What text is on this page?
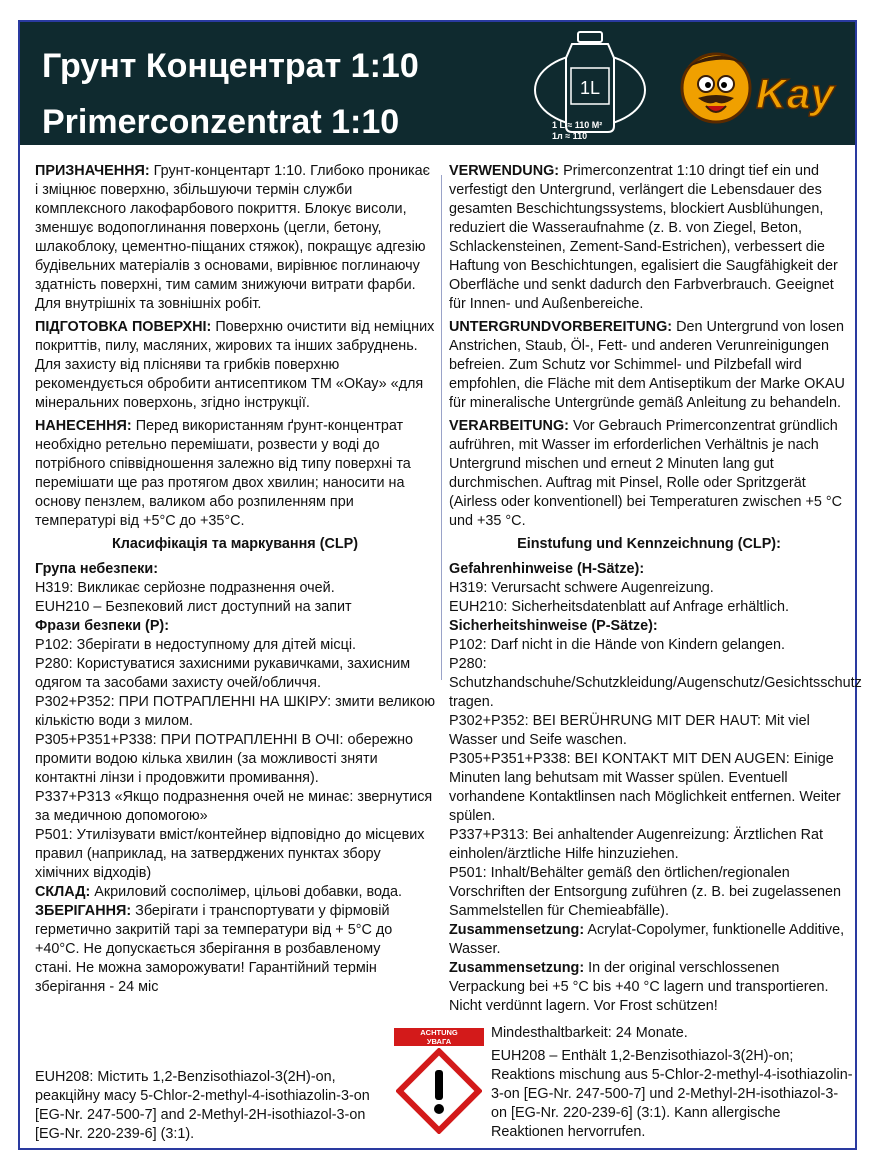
Грунт Концентрат 1:10
Primerconzentrat 1:10
1L
1 L ≈ 110 M²
1л ≈ 110
Kay

ПРИЗНАЧЕННЯ: Грунт-концентарт 1:10. Глибоко проникає і зміцнює поверхню, збільшуючи термін служби комплексного лакофарбового покриття. Блокує висоли, зменшує водопоглинання поверхонь (цегли, бетону, шлакоблоку, цементно-піщаних стяжок), покращує адгезію будівельних матеріалів з основами, вирівнює поглинаючу здатність поверхні, тим самим знижуючи витрати фарби. Для внутрішніх та зовнішніх робіт.

ПІДГОТОВКА ПОВЕРХНІ: Поверхню очистити від неміцних покриттів, пилу, масляних, жирових та інших забруднень. Для захисту від плісняви та грибків поверхню рекомендується обробити антисептиком ТМ «ОКау» «для мінеральних поверхонь, згідно інструкції.

НАНЕСЕННЯ: Перед використанням ґрунт-концентрат необхідно ретельно перемішати, розвести у воді до потрібного співвідношення залежно від типу поверхні та перемішати ще раз протягом двох хвилин; наносити на основу пензлем, валиком або розпиленням при температурі від +5°С до +35°С.

Класифікація та маркування (CLP)

Група небезпеки:

H319: Викликає серйозне подразнення очей.

EUH210 – Безпековий лист доступний на запит

Фрази безпеки (P):

P102: Зберігати в недоступному для дітей місці.

P280: Користуватися захисними рукавичками, захисним одягом та засобами захисту очей/обличчя.

P302+P352: ПРИ ПОТРАПЛЕННІ НА ШКІРУ: змити великою кількістю води з милом.

P305+P351+P338: ПРИ ПОТРАПЛЕННІ В ОЧІ: обережно промити водою кілька хвилин (за можливості зняти контактні лінзи і продовжити промивання).

P337+P313 «Якщо подразнення очей не минає: звернутися за медичною допомогою»

P501: Утилізувати вміст/контейнер відповідно до місцевих правил (наприклад, на затверджених пунктах збору хімічних відходів)

СКЛАД: Акриловий сосполімер, цільові добавки, вода.

ЗБЕРІГАННЯ: Зберігати і транспортувати у фірмовій герметично закритій тарі за температури від + 5°С до +40°С. Не допускається зберігання в розбавленому стані. Не можна заморожувати! Гарантійний термін зберігання - 24 міс

EUH208: Містить 1,2-Benzisothiazol-3(2H)-on, реакційну масу 5-Chlor-2-methyl-4-isothiazolin-3-on [EG-Nr. 247-500-7] and 2-Methyl-2H-isothiazol-3-on [EG-Nr. 220-239-6] (3:1).

VERWENDUNG: Primerconzentrat 1:10 dringt tief ein und verfestigt den Untergrund, verlängert die Lebensdauer des gesamten Beschichtungssystems, blockiert Ausblühungen, reduziert die Wasseraufnahme (z. B. von Ziegel, Beton, Schlackensteinen, Zement-Sand-Estrichen), verbessert die Haftung von Beschichtungen, egalisiert die Saugfähigkeit der Oberfläche und senkt dadurch den Farbverbrauch. Geeignet für Innen- und Außenbereiche.

UNTERGRUNDVORBEREITUNG: Den Untergrund von losen Anstrichen, Staub, Öl-, Fett- und anderen Verunreinigungen befreien. Zum Schutz vor Schimmel- und Pilzbefall wird empfohlen, die Fläche mit dem Antiseptikum der Marke OKAU für mineralische Untergründe gemäß Anleitung zu behandeln.

VERARBEITUNG: Vor Gebrauch Primerconzentrat gründlich aufrühren, mit Wasser im erforderlichen Verhältnis je nach Untergrund mischen und erneut 2 Minuten lang gut durchmischen. Auftrag mit Pinsel, Rolle oder Spritzgerät (Airless oder konventionell) bei Temperaturen zwischen +5 °C und +35 °C.

Einstufung und Kennzeichnung (CLP):

Gefahrenhinweise (H-Sätze):

H319: Verursacht schwere Augenreizung.

EUH210: Sicherheitsdatenblatt auf Anfrage erhältlich.

Sicherheitshinweise (P-Sätze):

P102: Darf nicht in die Hände von Kindern gelangen.

P280: Schutzhandschuhe/Schutzkleidung/Augenschutz/Gesichtsschutz tragen.

P302+P352: BEI BERÜHRUNG MIT DER HAUT: Mit viel Wasser und Seife waschen.

P305+P351+P338: BEI KONTAKT MIT DEN AUGEN: Einige Minuten lang behutsam mit Wasser spülen. Eventuell vorhandene Kontaktlinsen nach Möglichkeit entfernen. Weiter spülen.

P337+P313: Bei anhaltender Augenreizung: Ärztlichen Rat einholen/ärztliche Hilfe hinzuziehen.

P501: Inhalt/Behälter gemäß den örtlichen/regionalen Vorschriften der Entsorgung zuführen (z. B. bei zugelassenen Sammelstellen für Chemieabfälle).

Zusammensetzung: Acrylat-Copolymer, funktionelle Additive, Wasser.

Zusammensetzung: In der original verschlossenen Verpackung bei +5 °C bis +40 °C lagern und transportieren. Nicht verdünnt lagern. Vor Frost schützen!

Mindesthaltbarkeit: 24 Monate.

EUH208 – Enthält 1,2-Benzisothiazol-3(2H)-on; Reaktions mischung aus 5-Chlor-2-methyl-4-isothiazolin-3-on [EG-Nr. 247-500-7] und 2-Methyl-2H-isothiazol-3-on [EG-Nr. 220-239-6] (3:1). Kann allergische Reaktionen hervorrufen.

ACHTUNG
УВАГА
